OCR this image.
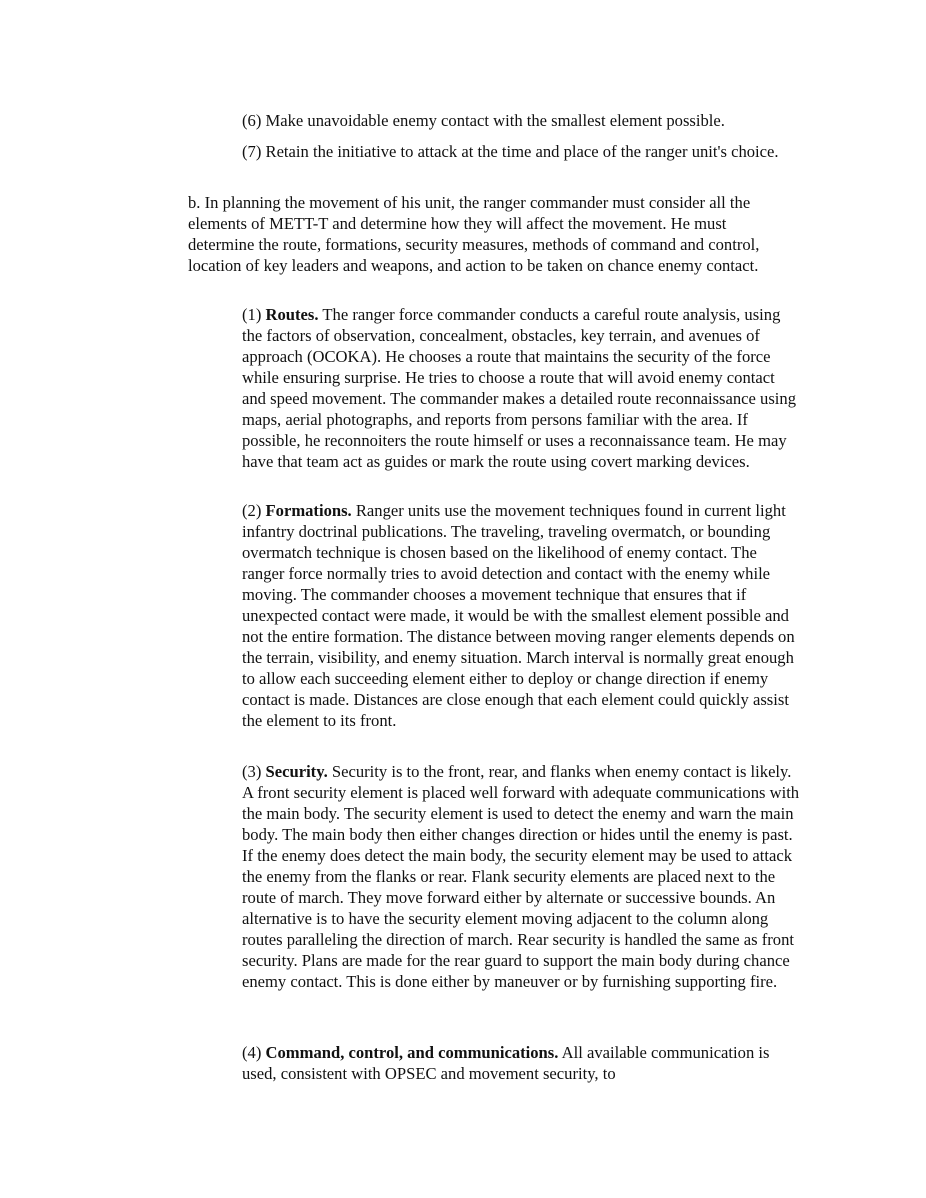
(6) Make unavoidable enemy contact with the smallest element possible.

(7) Retain the initiative to attack at the time and place of the ranger unit's choice.

b. In planning the movement of his unit, the ranger commander must consider all the elements of METT-T and determine how they will affect the movement. He must determine the route, formations, security measures, methods of command and control, location of key leaders and weapons, and action to be taken on chance enemy contact.

(1) Routes. The ranger force commander conducts a careful route analysis, using the factors of observation, concealment, obstacles, key terrain, and avenues of approach (OCOKA). He chooses a route that maintains the security of the force while ensuring surprise. He tries to choose a route that will avoid enemy contact and speed movement. The commander makes a detailed route reconnaissance using maps, aerial photographs, and reports from persons familiar with the area. If possible, he reconnoiters the route himself or uses a reconnaissance team. He may have that team act as guides or mark the route using covert marking devices.

(2) Formations. Ranger units use the movement techniques found in current light infantry doctrinal publications. The traveling, traveling overmatch, or bounding overmatch technique is chosen based on the likelihood of enemy contact. The ranger force normally tries to avoid detection and contact with the enemy while moving. The commander chooses a movement technique that ensures that if unexpected contact were made, it would be with the smallest element possible and not the entire formation. The distance between moving ranger elements depends on the terrain, visibility, and enemy situation. March interval is normally great enough to allow each succeeding element either to deploy or change direction if enemy contact is made. Distances are close enough that each element could quickly assist the element to its front.

(3) Security. Security is to the front, rear, and flanks when enemy contact is likely. A front security element is placed well forward with adequate communications with the main body. The security element is used to detect the enemy and warn the main body. The main body then either changes direction or hides until the enemy is past. If the enemy does detect the main body, the security element may be used to attack the enemy from the flanks or rear. Flank security elements are placed next to the route of march. They move forward either by alternate or successive bounds. An alternative is to have the security element moving adjacent to the column along routes paralleling the direction of march. Rear security is handled the same as front security. Plans are made for the rear guard to support the main body during chance enemy contact. This is done either by maneuver or by furnishing supporting fire.

(4) Command, control, and communications. All available communication is used, consistent with OPSEC and movement security, to
